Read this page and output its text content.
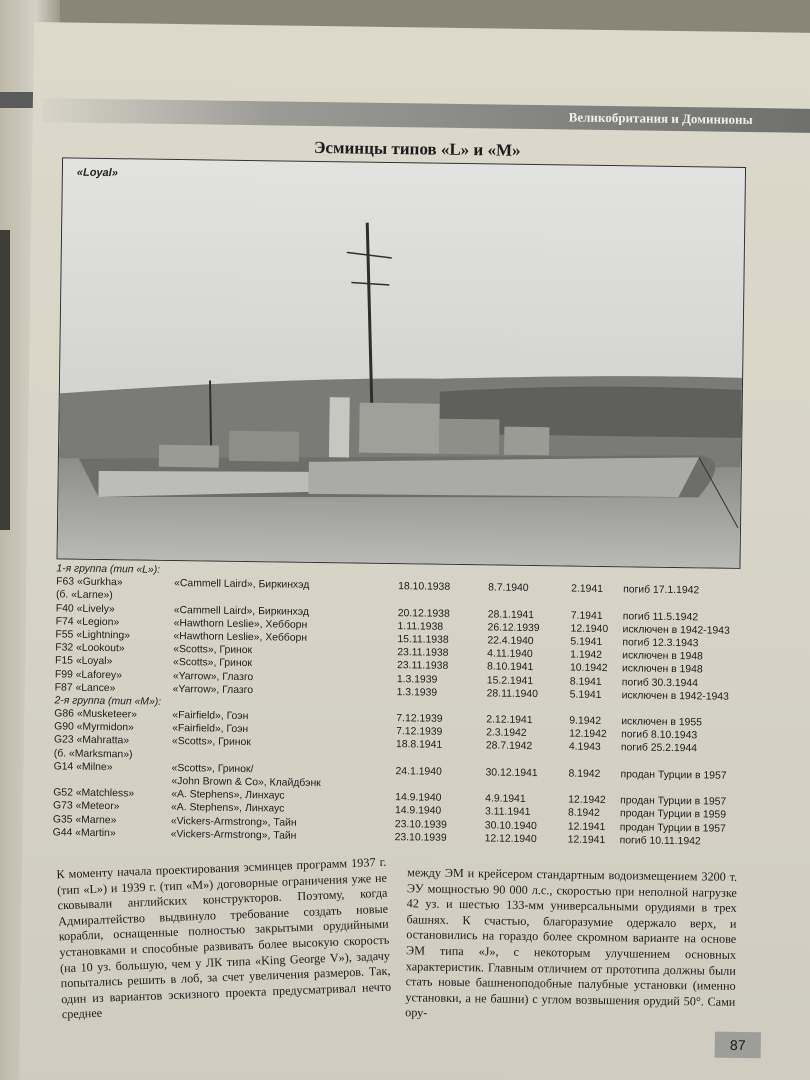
Великобритания и Доминионы
Эсминцы типов «L» и «M»
«Loyal»
1-я группа (тип «L»):
F63 «Gurkha»	«Cammell Laird», Биркинхэд	18.10.1938	8.7.1940	2.1941 погиб 17.1.1942
(б. «Larne»)
F40 «Lively»	«Cammell Laird», Биркинхэд	20.12.1938	28.1.1941	7.1941 погиб 11.5.1942
F74 «Legion»	«Hawthorn Leslie», Хебборн	1.11.1938	26.12.1939	12.1940 исключен в 1942-1943
F55 «Lightning»	«Hawthorn Leslie», Хебборн	15.11.1938	22.4.1940	5.1941 погиб 12.3.1943
F32 «Lookout»	«Scotts», Гринок	23.11.1938	4.11.1940	1.1942 исключен в 1948
F15 «Loyal»	«Scotts», Гринок	23.11.1938	8.10.1941	10.1942 исключен в 1948
F99 «Laforey»	«Yarrow», Глазго	1.3.1939	15.2.1941	8.1941 погиб 30.3.1944
F87 «Lance»	«Yarrow», Глазго	1.3.1939	28.11.1940	5.1941 исключен в 1942-1943
2-я группа (тип «M»):
G86 «Musketeer»	«Fairfield», Гоэн	7.12.1939	2.12.1941	9.1942 исключен в 1955
G90 «Myrmidon»	«Fairfield», Гоэн	7.12.1939	2.3.1942	12.1942 погиб 8.10.1943
G23 «Mahratta»	«Scotts», Гринок	18.8.1941	28.7.1942	4.1943 погиб 25.2.1944
(б. «Marksman»)
G14 «Milne»	«Scotts», Гринок/	24.1.1940	30.12.1941	8.1942 продан Турции в 1957
«John Brown & Co», Клайдбэнк
G52 «Matchless»	«A. Stephens», Линхаус	14.9.1940	4.9.1941	12.1942 продан Турции в 1957
G73 «Meteor»	«A. Stephens», Линхаус	14.9.1940	3.11.1941	8.1942 продан Турции в 1959
G35 «Marne»	«Vickers-Armstrong», Тайн	23.10.1939	30.10.1940	12.1941 продан Турции в 1957
G44 «Martin»	«Vickers-Armstrong», Тайн	23.10.1939	12.12.1940	12.1941 погиб 10.11.1942
К моменту начала проектирования эсминцев программ 1937 г. (тип «L») и 1939 г. (тип «M») договорные ограничения уже не сковывали английских конструкторов. Поэтому, когда Адмиралтейство выдвинуло требование создать новые корабли, оснащенные полностью закрытыми орудийными установками и способные развивать более высокую скорость (на 10 уз. большую, чем у ЛК типа «King George V»), задачу попытались решить в лоб, за счет увеличения размеров. Так, один из вариантов эскизного проекта предусматривал нечто среднее
между ЭМ и крейсером стандартным водоизмещением 3200 т. ЭУ мощностью 90 000 л.с., скоростью при неполной нагрузке 42 уз. и шестью 133-мм универсальными орудиями в трех башнях. К счастью, благоразумие одержало верх, и остановились на гораздо более скромном варианте на основе ЭМ типа «J», с некоторым улучшением основных характеристик. Главным отличием от прототипа должны были стать новые башненоподобные палубные установки (именно установки, а не башни) с углом возвышения орудий 50°. Сами ору-
87
